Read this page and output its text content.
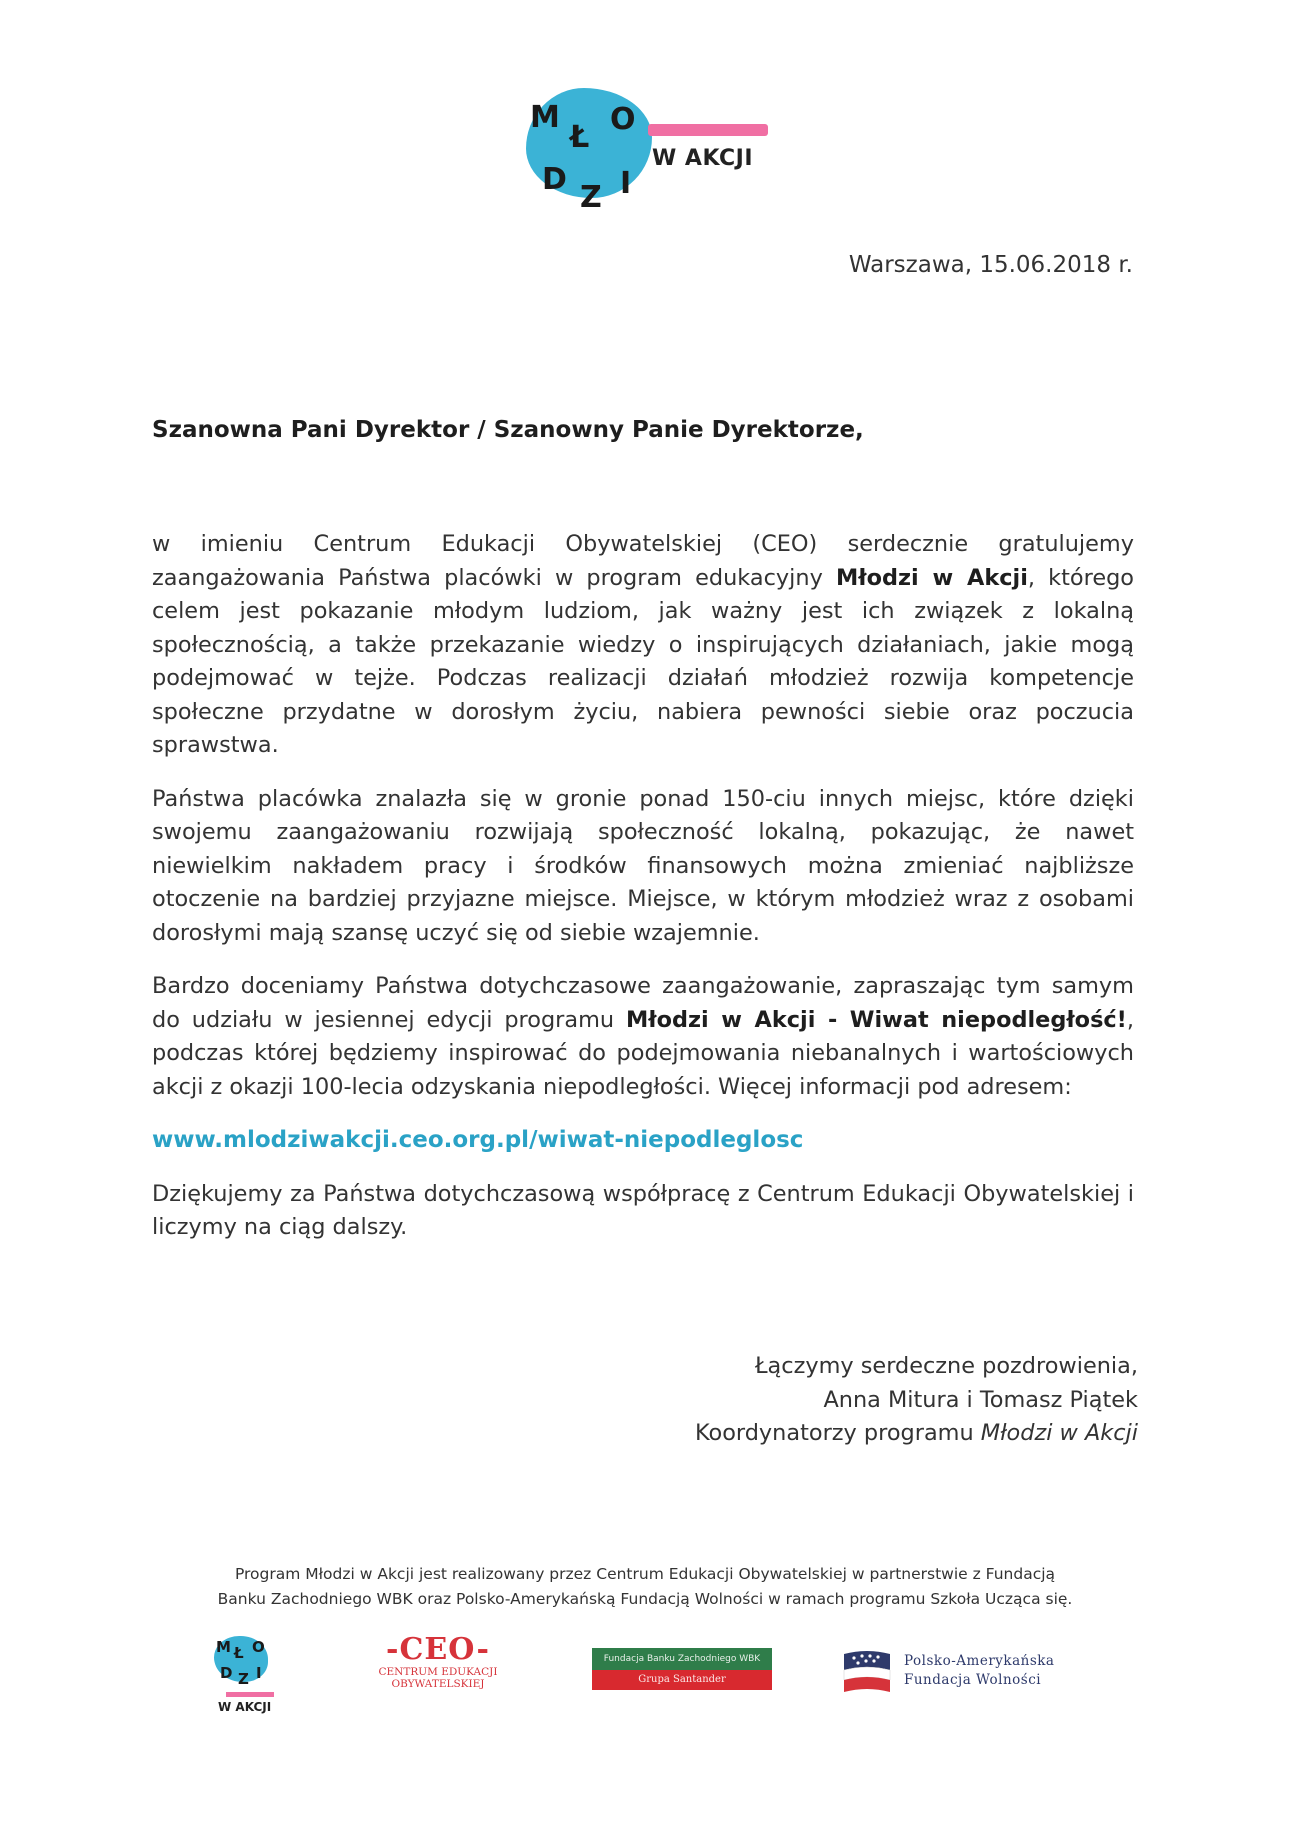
M
Ł
O
D
Z I
W AKCJI
Warszawa, 15.06.2018 r.
Szanowna Pani Dyrektor / Szanowny Panie Dyrektorze,

w imieniu Centrum Edukacji Obywatelskiej (CEO) serdecznie gratulujemy zaangażowania Państwa placówki w program edukacyjny Młodzi w Akcji, którego celem jest pokazanie młodym ludziom, jak ważny jest ich związek z lokalną społecznością, a także przekazanie wiedzy o inspirujących działaniach, jakie mogą podejmować w tejże. Podczas realizacji działań młodzież rozwija kompetencje społeczne przydatne w dorosłym życiu, nabiera pewności siebie oraz poczucia sprawstwa.

Państwa placówka znalazła się w gronie ponad 150-ciu innych miejsc, które dzięki swojemu zaangażowaniu rozwijają społeczność lokalną, pokazując, że nawet niewielkim nakładem pracy i środków finansowych można zmieniać najbliższe otoczenie na bardziej przyjazne miejsce. Miejsce, w którym młodzież wraz z osobami dorosłymi mają szansę uczyć się od siebie wzajemnie.

Bardzo doceniamy Państwa dotychczasowe zaangażowanie, zapraszając tym samym do udziału w jesiennej edycji programu Młodzi w Akcji - Wiwat niepodległość!, podczas której będziemy inspirować do podejmowania niebanalnych i wartościowych akcji z okazji 100-lecia odzyskania niepodległości. Więcej informacji pod adresem:

www.mlodziwakcji.ceo.org.pl/wiwat-niepodleglosc

Dziękujemy za Państwa dotychczasową współpracę z Centrum Edukacji Obywatelskiej i liczymy na ciąg dalszy.

Łączymy serdeczne pozdrowienia,
Anna Mitura i Tomasz Piątek
Koordynatorzy programu Młodzi w Akcji
Program Młodzi w Akcji jest realizowany przez Centrum Edukacji Obywatelskiej w partnerstwie z Fundacją
Banku Zachodniego WBK oraz Polsko-Amerykańską Fundacją Wolności w ramach programu Szkoła Ucząca się.
M Ł O
D Z I
W AKCJI
-CEO-
CENTRUM EDUKACJI
OBYWATELSKIEJ
Fundacja Banku Zachodniego WBK
Grupa Santander
Polsko-Amerykańska
Fundacja Wolności
